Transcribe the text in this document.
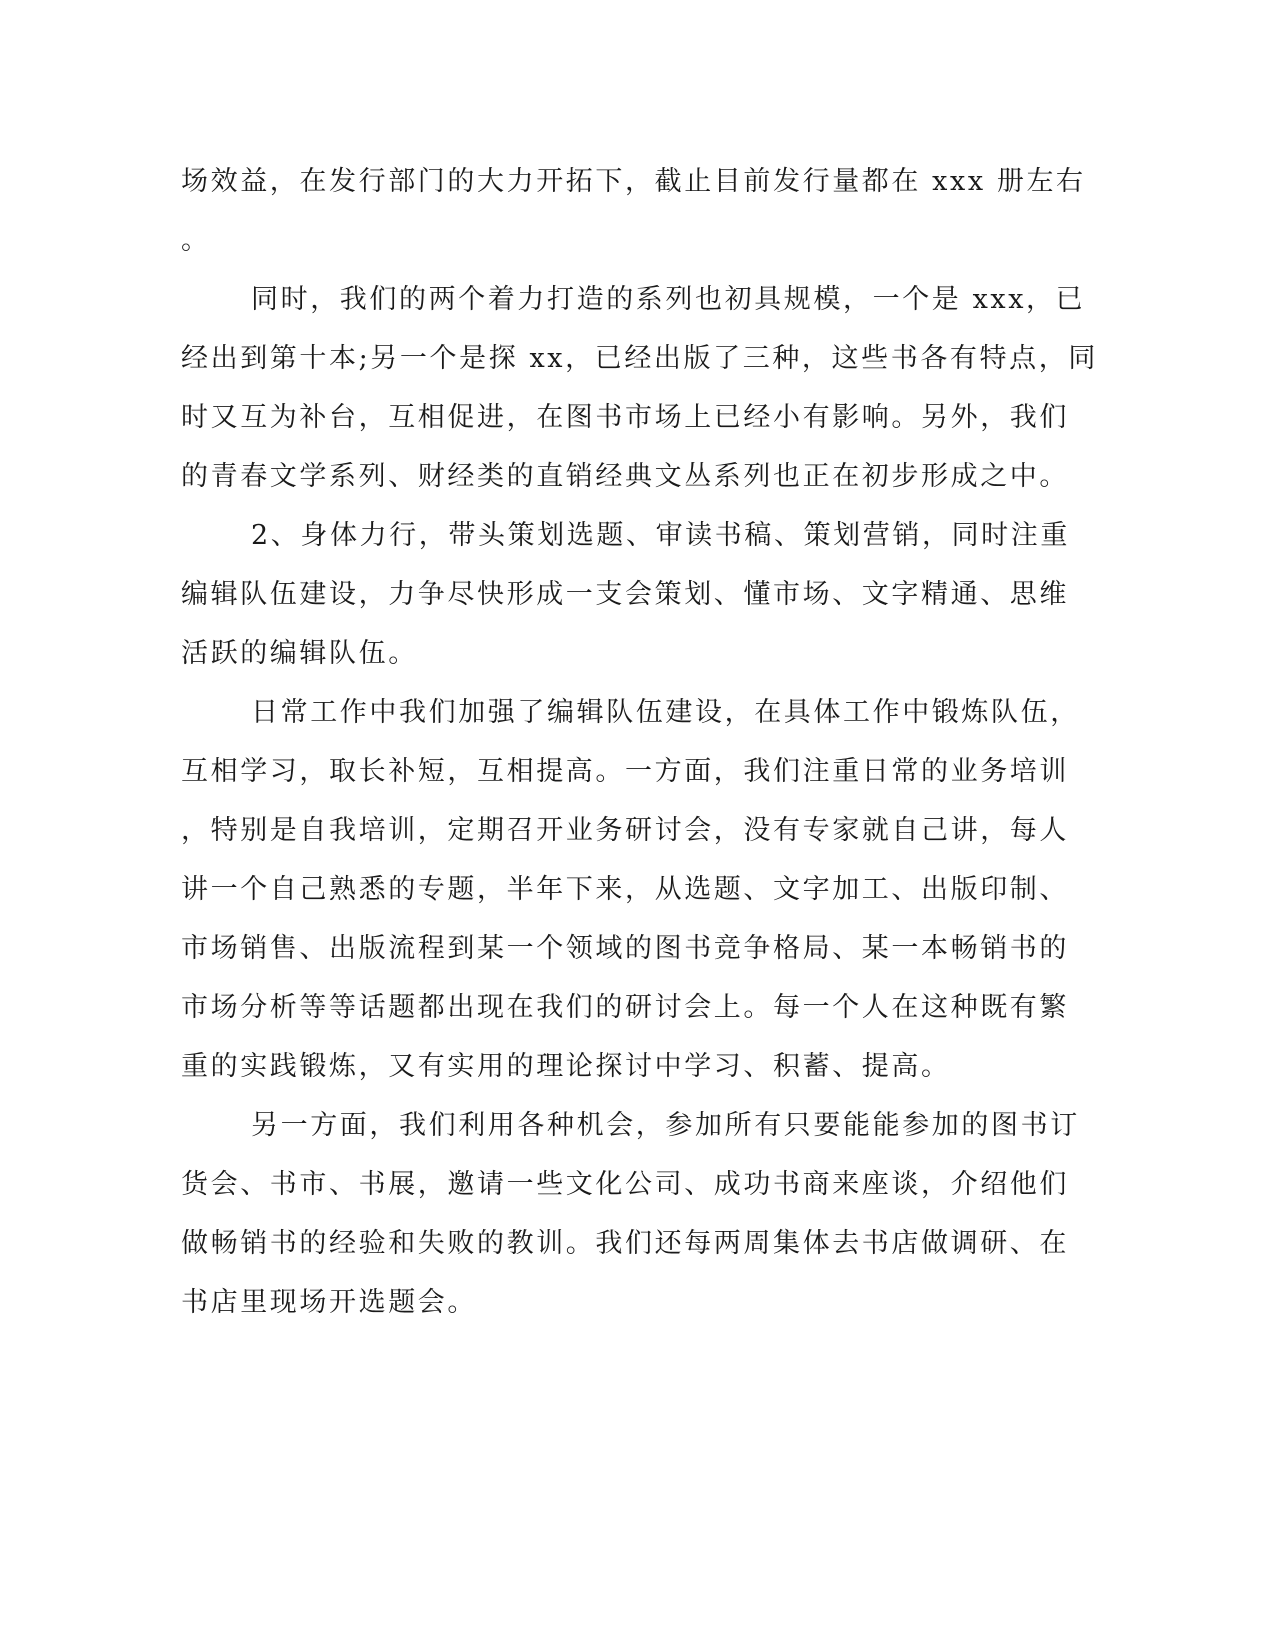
场效益，在发行部门的大力开拓下，截止目前发行量都在 xxx 册左右
。
同时，我们的两个着力打造的系列也初具规模，一个是 xxx，已
经出到第十本;另一个是探 xx，已经出版了三种，这些书各有特点，同
时又互为补台，互相促进，在图书市场上已经小有影响。另外，我们
的青春文学系列、财经类的直销经典文丛系列也正在初步形成之中。
2、身体力行，带头策划选题、审读书稿、策划营销，同时注重
编辑队伍建设，力争尽快形成一支会策划、懂市场、文字精通、思维
活跃的编辑队伍。
日常工作中我们加强了编辑队伍建设，在具体工作中锻炼队伍，
互相学习，取长补短，互相提高。一方面，我们注重日常的业务培训
，特别是自我培训，定期召开业务研讨会，没有专家就自己讲，每人
讲一个自己熟悉的专题，半年下来，从选题、文字加工、出版印制、
市场销售、出版流程到某一个领域的图书竞争格局、某一本畅销书的
市场分析等等话题都出现在我们的研讨会上。每一个人在这种既有繁
重的实践锻炼，又有实用的理论探讨中学习、积蓄、提高。
另一方面，我们利用各种机会，参加所有只要能能参加的图书订
货会、书市、书展，邀请一些文化公司、成功书商来座谈，介绍他们
做畅销书的经验和失败的教训。我们还每两周集体去书店做调研、在
书店里现场开选题会。
